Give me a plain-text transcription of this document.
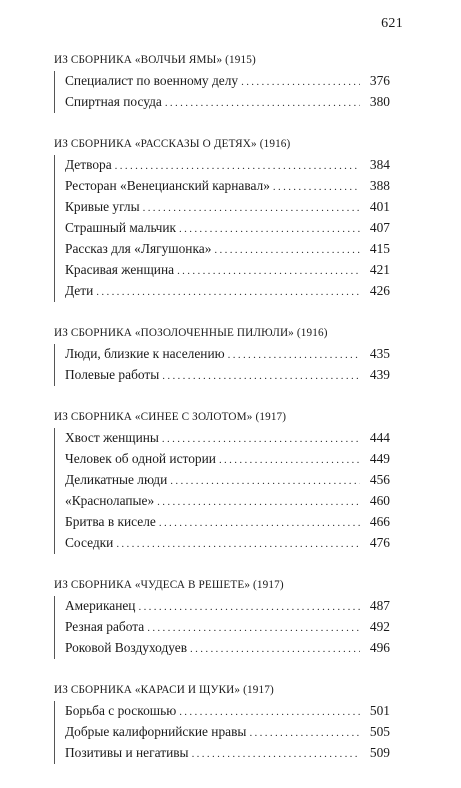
621
ИЗ СБОРНИКА «ВОЛЧЬИ ЯМЫ» (1915)
Специалист по военному делу . . .	376
Спиртная посуда . . .	380
ИЗ СБОРНИКА «РАССКАЗЫ О ДЕТЯХ» (1916)
Детвора . . .	384
Ресторан «Венецианский карнавал» . . .	388
Кривые углы . . .	401
Страшный мальчик . . .	407
Рассказ для «Лягушонка» . . .	415
Красивая женщина . . .	421
Дети . . .	426
ИЗ СБОРНИКА «ПОЗОЛОЧЕННЫЕ ПИЛЮЛИ» (1916)
Люди, близкие к населению . . .	435
Полевые работы . . .	439
ИЗ СБОРНИКА «СИНЕЕ С ЗОЛОТОМ» (1917)
Хвост женщины . . .	444
Человек об одной истории . . .	449
Деликатные люди . . .	456
«Краснолапые» . . .	460
Бритва в киселе . . .	466
Соседки . . .	476
ИЗ СБОРНИКА «ЧУДЕСА В РЕШЕТЕ» (1917)
Американец . . .	487
Резная работа . . .	492
Роковой Воздуходуев . . .	496
ИЗ СБОРНИКА «КАРАСИ И ЩУКИ» (1917)
Борьба с роскошью . . .	501
Добрые калифорнийские нравы . . .	505
Позитивы и негативы . . .	509
